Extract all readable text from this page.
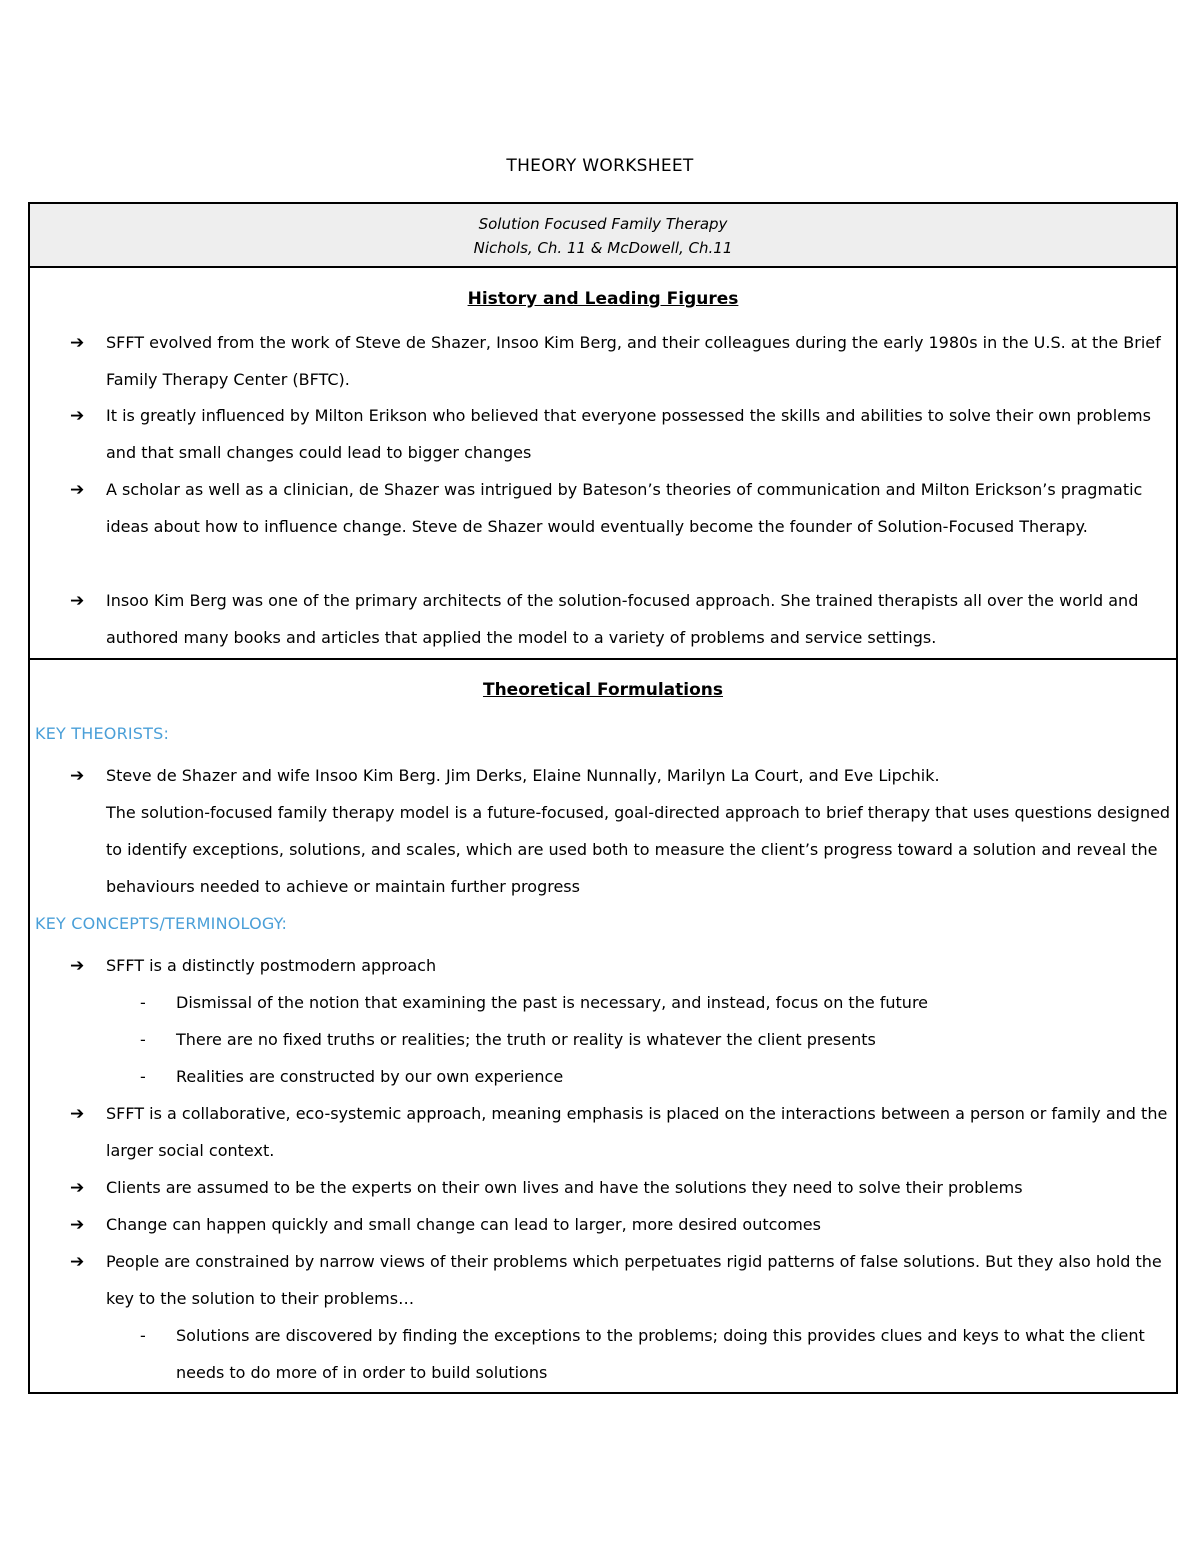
THEORY WORKSHEET
Solution Focused Family Therapy
Nichols, Ch. 11 & McDowell, Ch.11
History and Leading Figures
➔ SFFT evolved from the work of Steve de Shazer, Insoo Kim Berg, and their colleagues during the early 1980s in the U.S. at the Brief Family Therapy Center (BFTC).
➔ It is greatly influenced by Milton Erikson who believed that everyone possessed the skills and abilities to solve their own problems and that small changes could lead to bigger changes
➔ A scholar as well as a clinician, de Shazer was intrigued by Bateson’s theories of communication and Milton Erickson’s pragmatic ideas about how to influence change. Steve de Shazer would eventually become the founder of Solution-Focused Therapy.
➔ Insoo Kim Berg was one of the primary architects of the solution-focused approach. She trained therapists all over the world and authored many books and articles that applied the model to a variety of problems and service settings.
Theoretical Formulations
KEY THEORISTS:
➔ Steve de Shazer and wife Insoo Kim Berg. Jim Derks, Elaine Nunnally, Marilyn La Court, and Eve Lipchik.
The solution-focused family therapy model is a future-focused, goal-directed approach to brief therapy that uses questions designed to identify exceptions, solutions, and scales, which are used both to measure the client’s progress toward a solution and reveal the behaviours needed to achieve or maintain further progress
KEY CONCEPTS/TERMINOLOGY:
➔ SFFT is a distinctly postmodern approach
- Dismissal of the notion that examining the past is necessary, and instead, focus on the future
- There are no fixed truths or realities; the truth or reality is whatever the client presents
- Realities are constructed by our own experience
➔ SFFT is a collaborative, eco-systemic approach, meaning emphasis is placed on the interactions between a person or family and the larger social context.
➔ Clients are assumed to be the experts on their own lives and have the solutions they need to solve their problems
➔ Change can happen quickly and small change can lead to larger, more desired outcomes
➔ People are constrained by narrow views of their problems which perpetuates rigid patterns of false solutions. But they also hold the key to the solution to their problems…
- Solutions are discovered by finding the exceptions to the problems; doing this provides clues and keys to what the client needs to do more of in order to build solutions
